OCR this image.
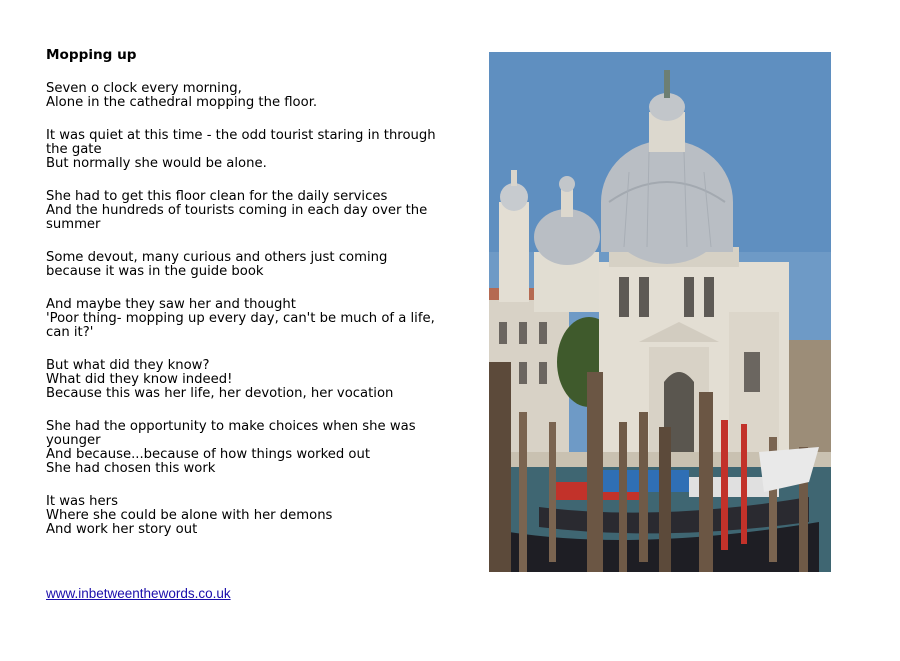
Mopping up
Seven o clock every morning,
Alone in the cathedral mopping the floor.
It was quiet at this time - the odd tourist staring in through the gate
But normally she would be alone.
She had to get this floor clean for the daily services
And the hundreds of tourists coming in each day over the summer
Some devout, many curious and others just coming because it was in the guide book
And maybe they saw her and thought
'Poor thing- mopping up every day, can't be much of a life, can it?'
But what did they know?
What did they know indeed!
Because this was her life, her devotion, her vocation
She had the opportunity to make choices when she was younger
And because...because of how things worked out
She had chosen this work
It was hers
Where she could be alone with her demons
And work her story out
www.inbetweenthewords.co.uk
